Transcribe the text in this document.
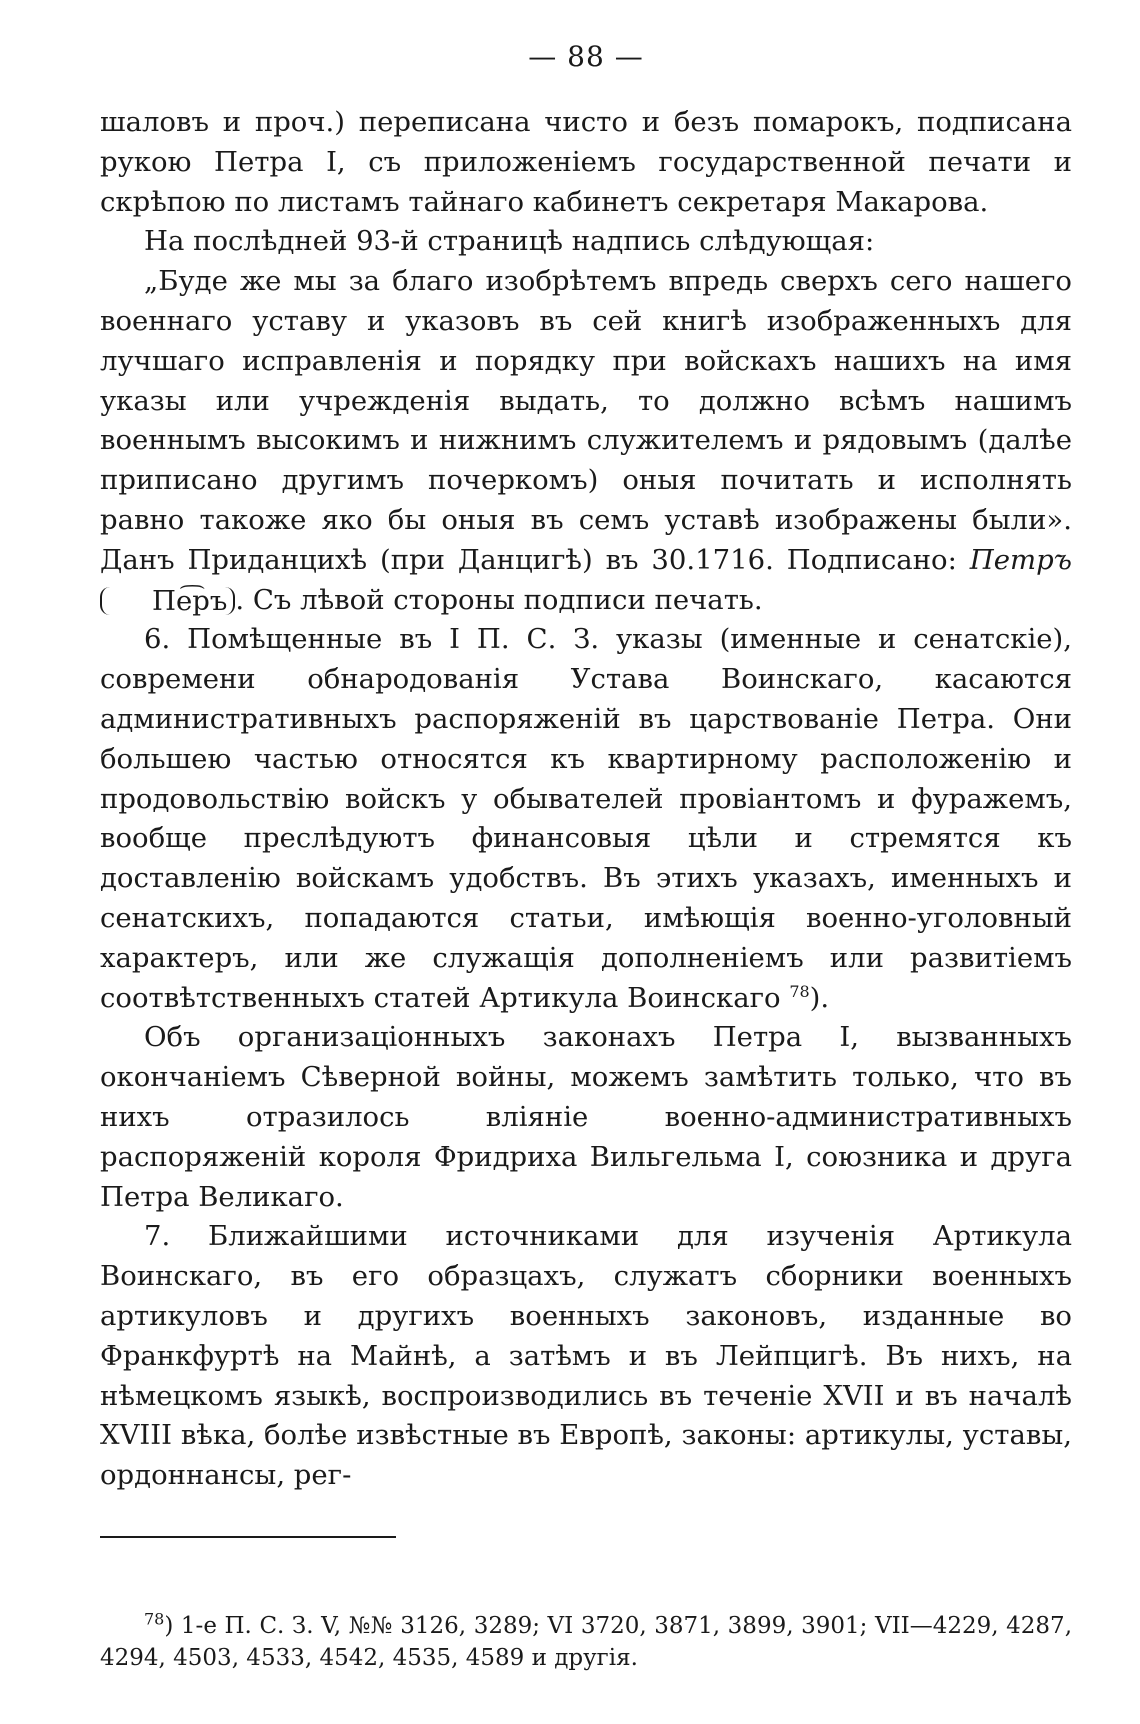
— 88 —

шаловъ и проч.) переписана чисто и безъ помарокъ, подписана рукою Петра I, съ приложеніемъ государственной печати и скрѣпою по листамъ тайнаго кабинетъ секретаря Макарова.

На послѣдней 93-й страницѣ надпись слѣдующая:

„Буде же мы за благо изобрѣтемъ впредь сверхъ сего нашего военнаго уставу и указовъ въ сей книгѣ изображенныхъ для лучшаго исправленія и порядку при войскахъ нашихъ на имя указы или учрежденія выдать, то должно всѣмъ нашимъ военнымъ высокимъ и нижнимъ служителемъ и рядовымъ (далѣе приписано другимъ почеркомъ) оныя почитать и исполнять равно такоже яко бы оныя въ семъ уставѣ изображены были». Данъ Приданцихѣ (при Данцигѣ) въ 30.1716. Подписано: Петръ Пе͡ръ . Съ лѣвой стороны подписи печать.

6. Помѣщенные въ I П. С. З. указы (именные и сенатскіе), современи обнародованія Устава Воинскаго, касаются административныхъ распоряженій въ царствованіе Петра. Они большею частью относятся къ квартирному расположенію и продовольствію войскъ у обывателей провіантомъ и фуражемъ, вообще преслѣдуютъ финансовыя цѣли и стремятся къ доставленію войскамъ удобствъ. Въ этихъ указахъ, именныхъ и сенатскихъ, попадаются статьи, имѣющія военно-уголовный характеръ, или же служащія дополненіемъ или развитіемъ соотвѣтственныхъ статей Артикула Воинскаго $^{78}$).

Объ организаціонныхъ законахъ Петра I, вызванныхъ окончаніемъ Сѣверной войны, можемъ замѣтить только, что въ нихъ отразилось вліяніе военно-административныхъ распоряженій короля Фридриха Вильгельма I, союзника и друга Петра Великаго.

7. Ближайшими источниками для изученія Артикула Воинскаго, въ его образцахъ, служатъ сборники военныхъ артикуловъ и другихъ военныхъ законовъ, изданные во Франкфуртѣ на Майнѣ, а затѣмъ и въ Лейпцигѣ. Въ нихъ, на нѣмецкомъ языкѣ, воспроизводились въ теченіе XVII и въ началѣ XVIII вѣка, болѣе извѣстные въ Европѣ, законы: артикулы, уставы, ордоннансы, рег-

$^{78}$) 1-е П. С. З. V, №№ 3126, 3289; VI 3720, 3871, 3899, 3901; VII—4229, 4287, 4294, 4503, 4533, 4542, 4535, 4589 и другія.
